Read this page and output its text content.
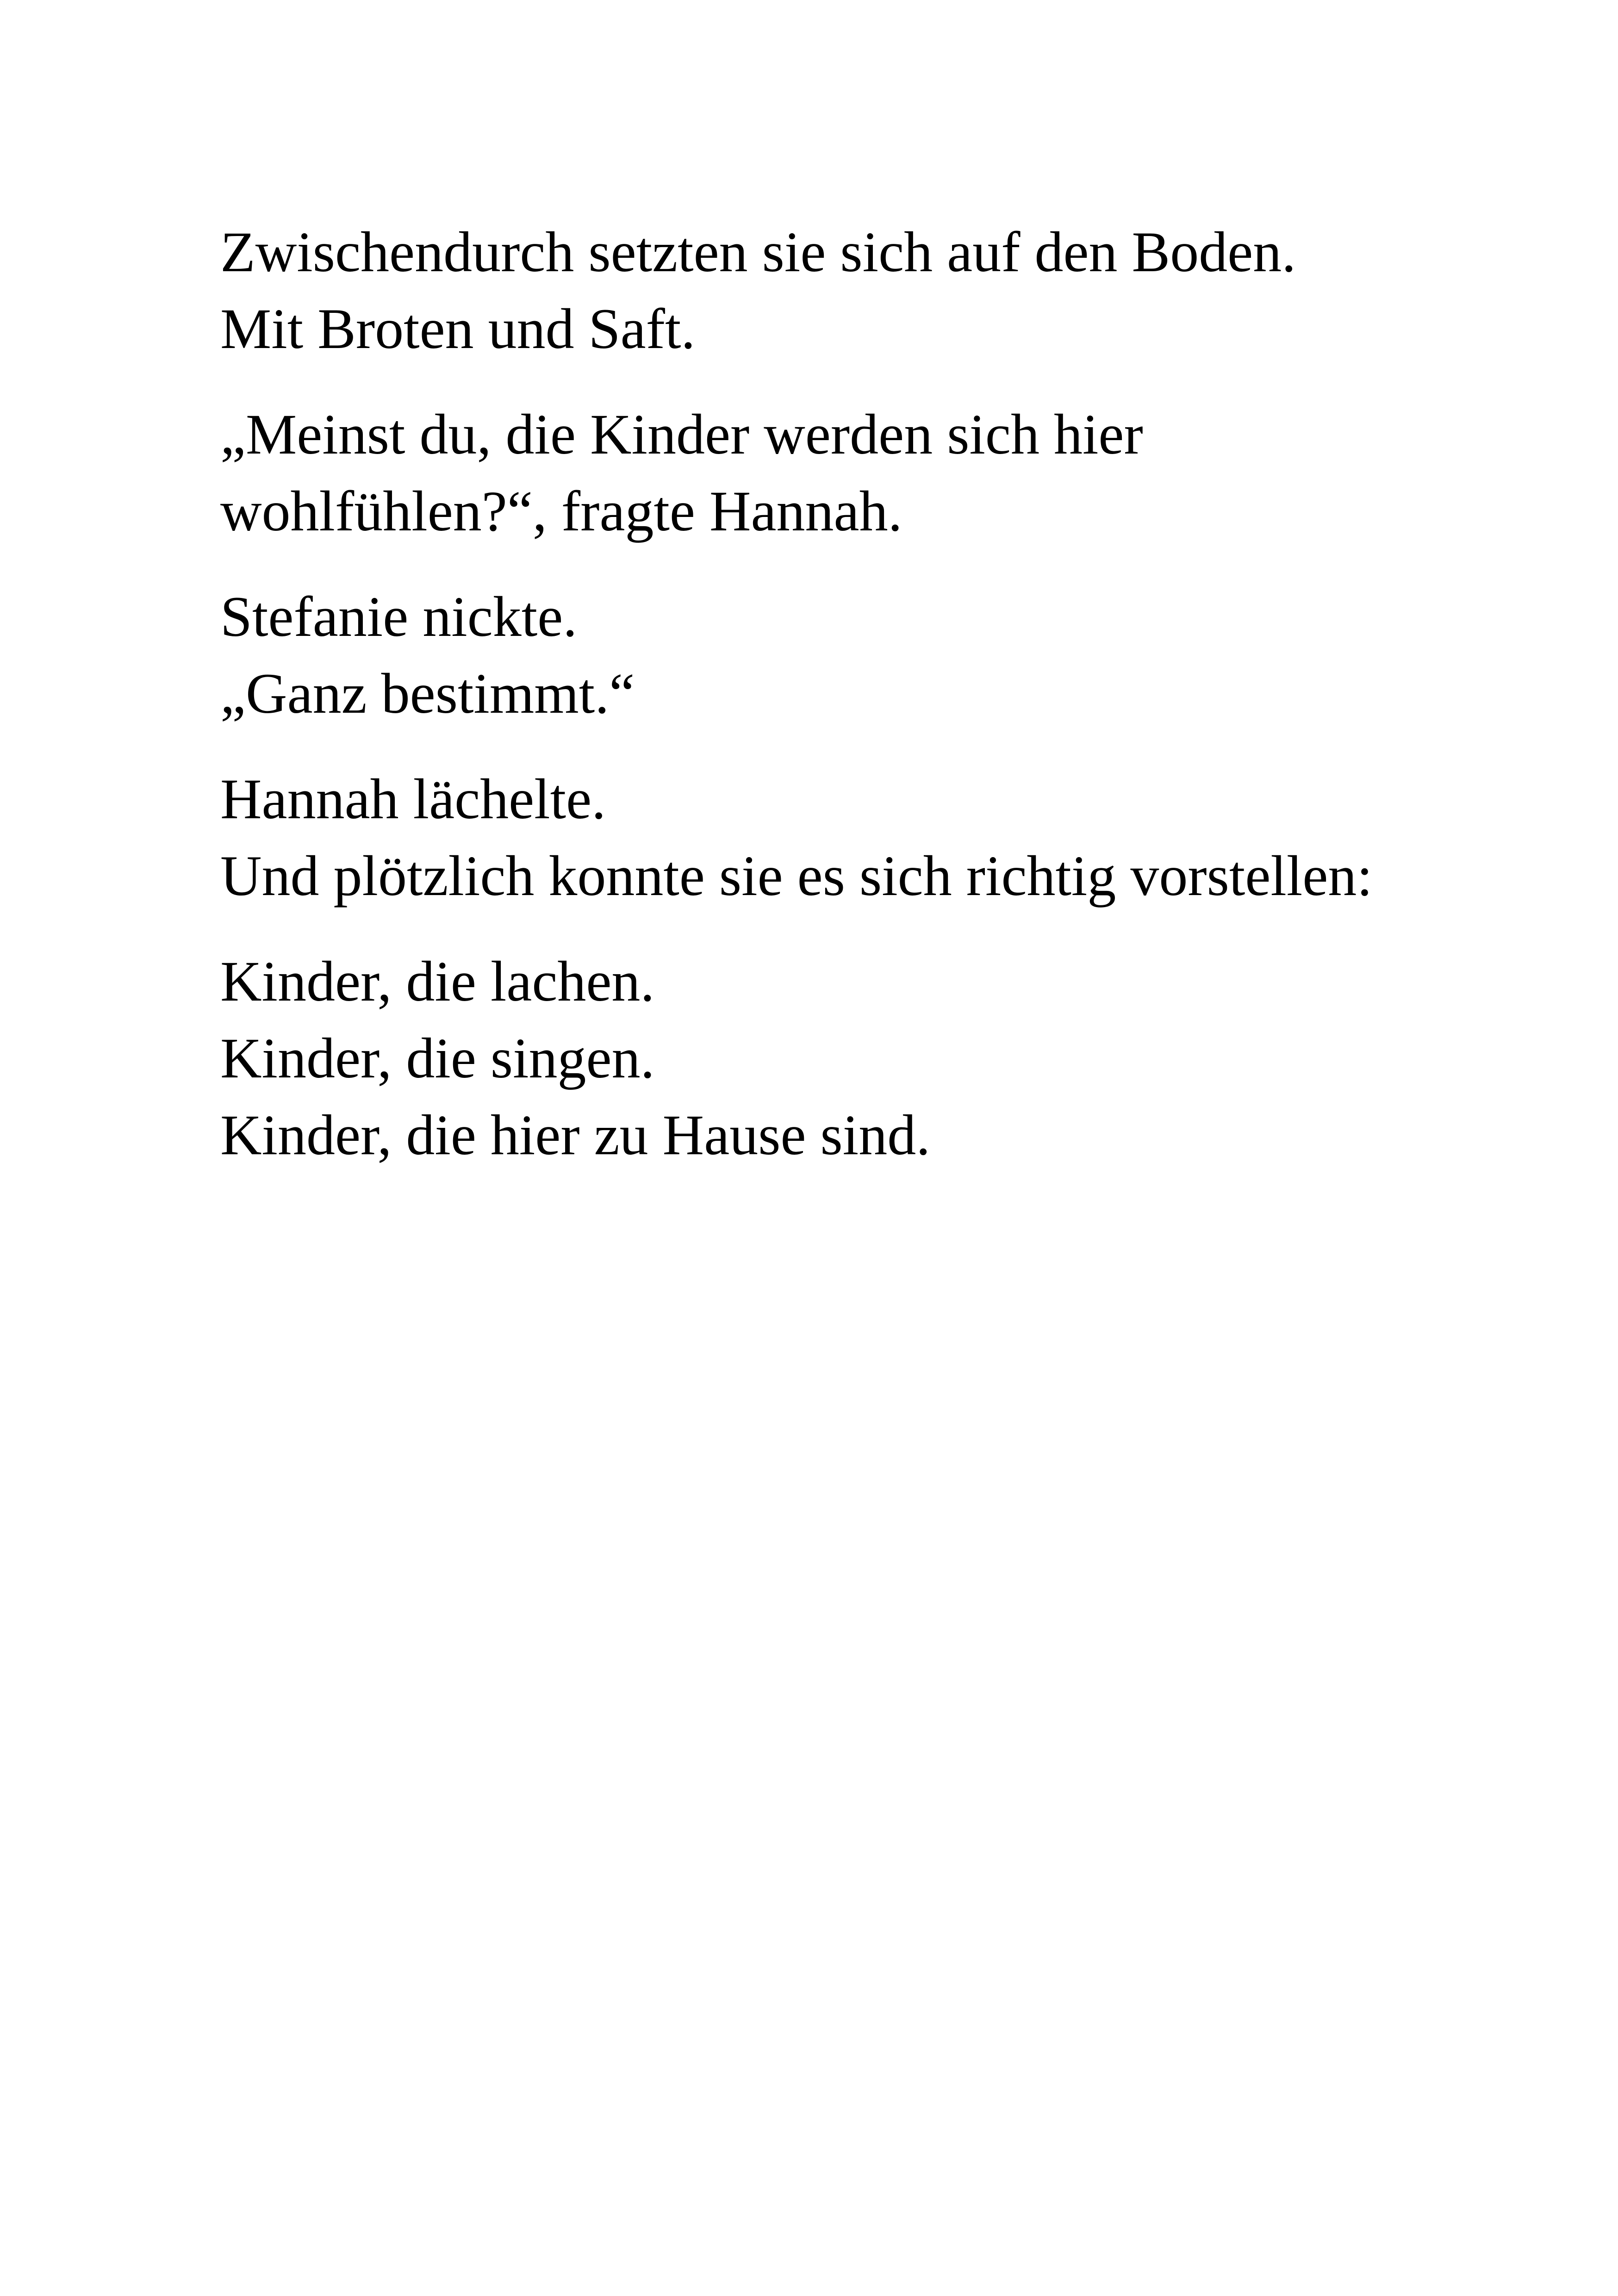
Zwischendurch setzten sie sich auf den Boden.
Mit Broten und Saft.

„Meinst du, die Kinder werden sich hier
wohlfühlen?“, fragte Hannah.

Stefanie nickte.
„Ganz bestimmt.“

Hannah lächelte.
Und plötzlich konnte sie es sich richtig vorstellen:

Kinder, die lachen.
Kinder, die singen.
Kinder, die hier zu Hause sind.
